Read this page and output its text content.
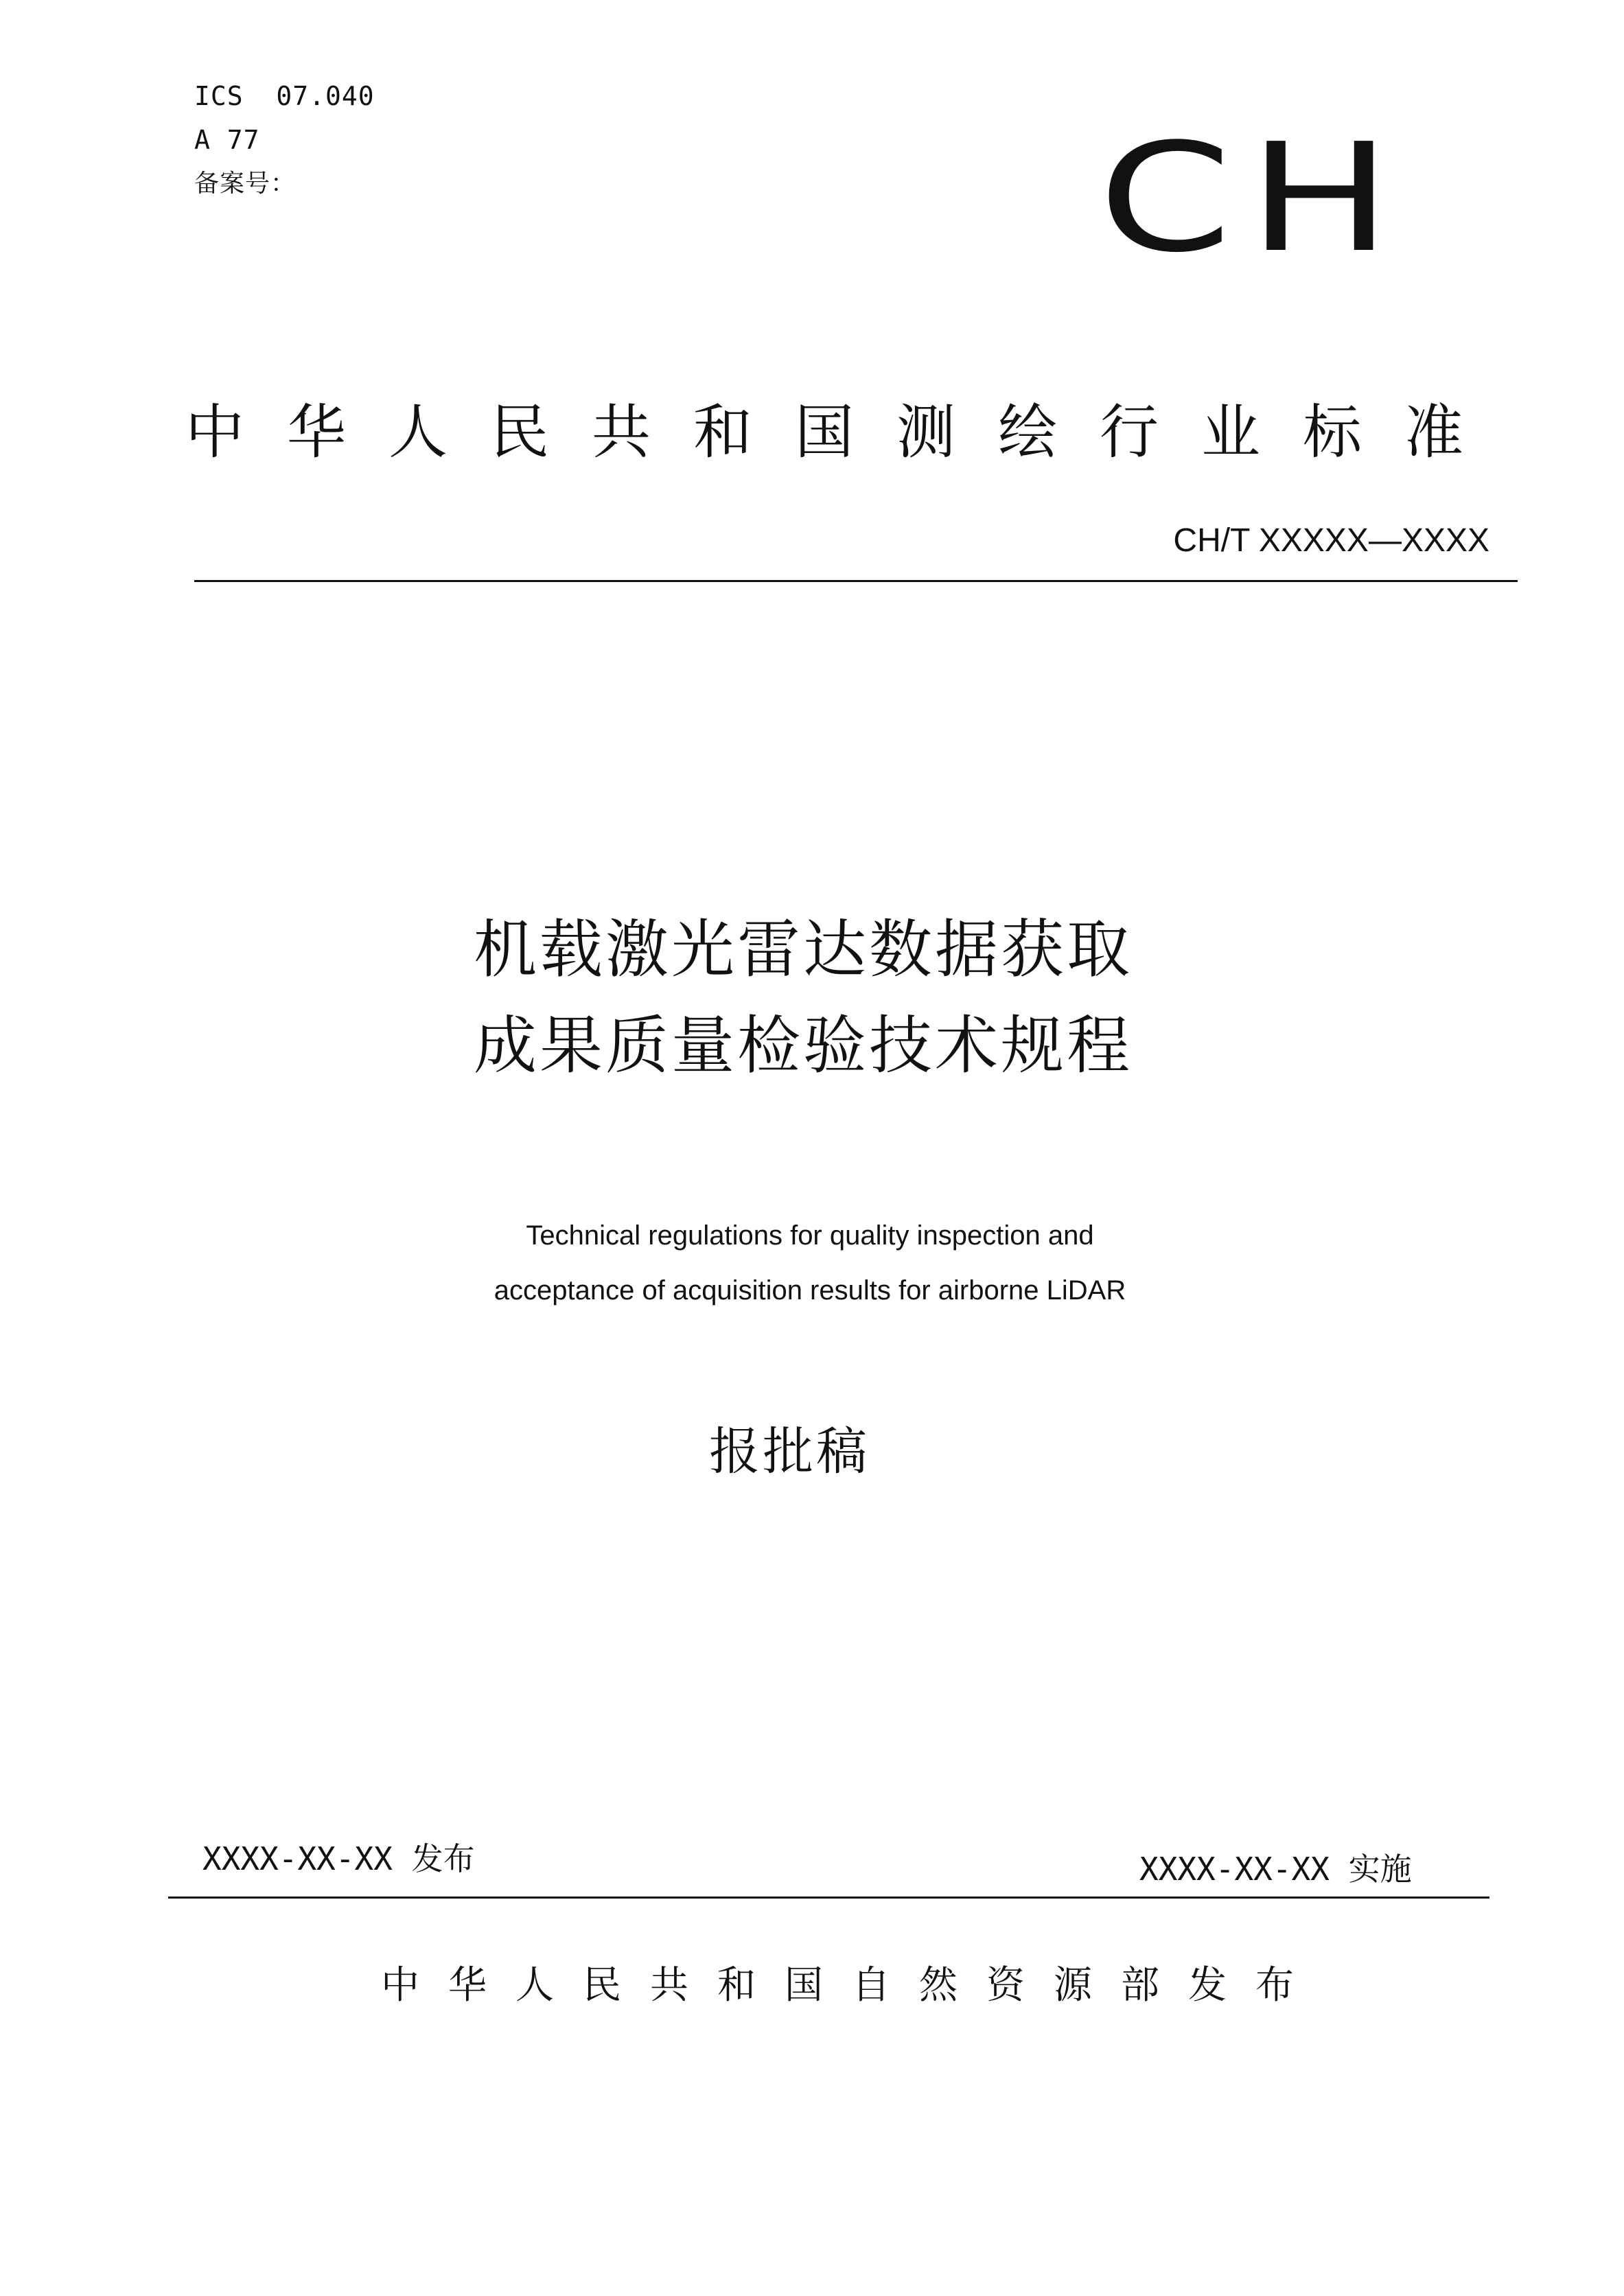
ICS  07.040
A 77
备案号：	CH
中华人民共和国测绘行业标准
CH/T XXXXX—XXXX
机载激光雷达数据获取
成果质量检验技术规程
Technical regulations for quality inspection and
acceptance of acquisition results for airborne LiDAR
报批稿
XXXX-XX-XX 发布	XXXX-XX-XX 实施
中华人民共和国自然资源部发布
